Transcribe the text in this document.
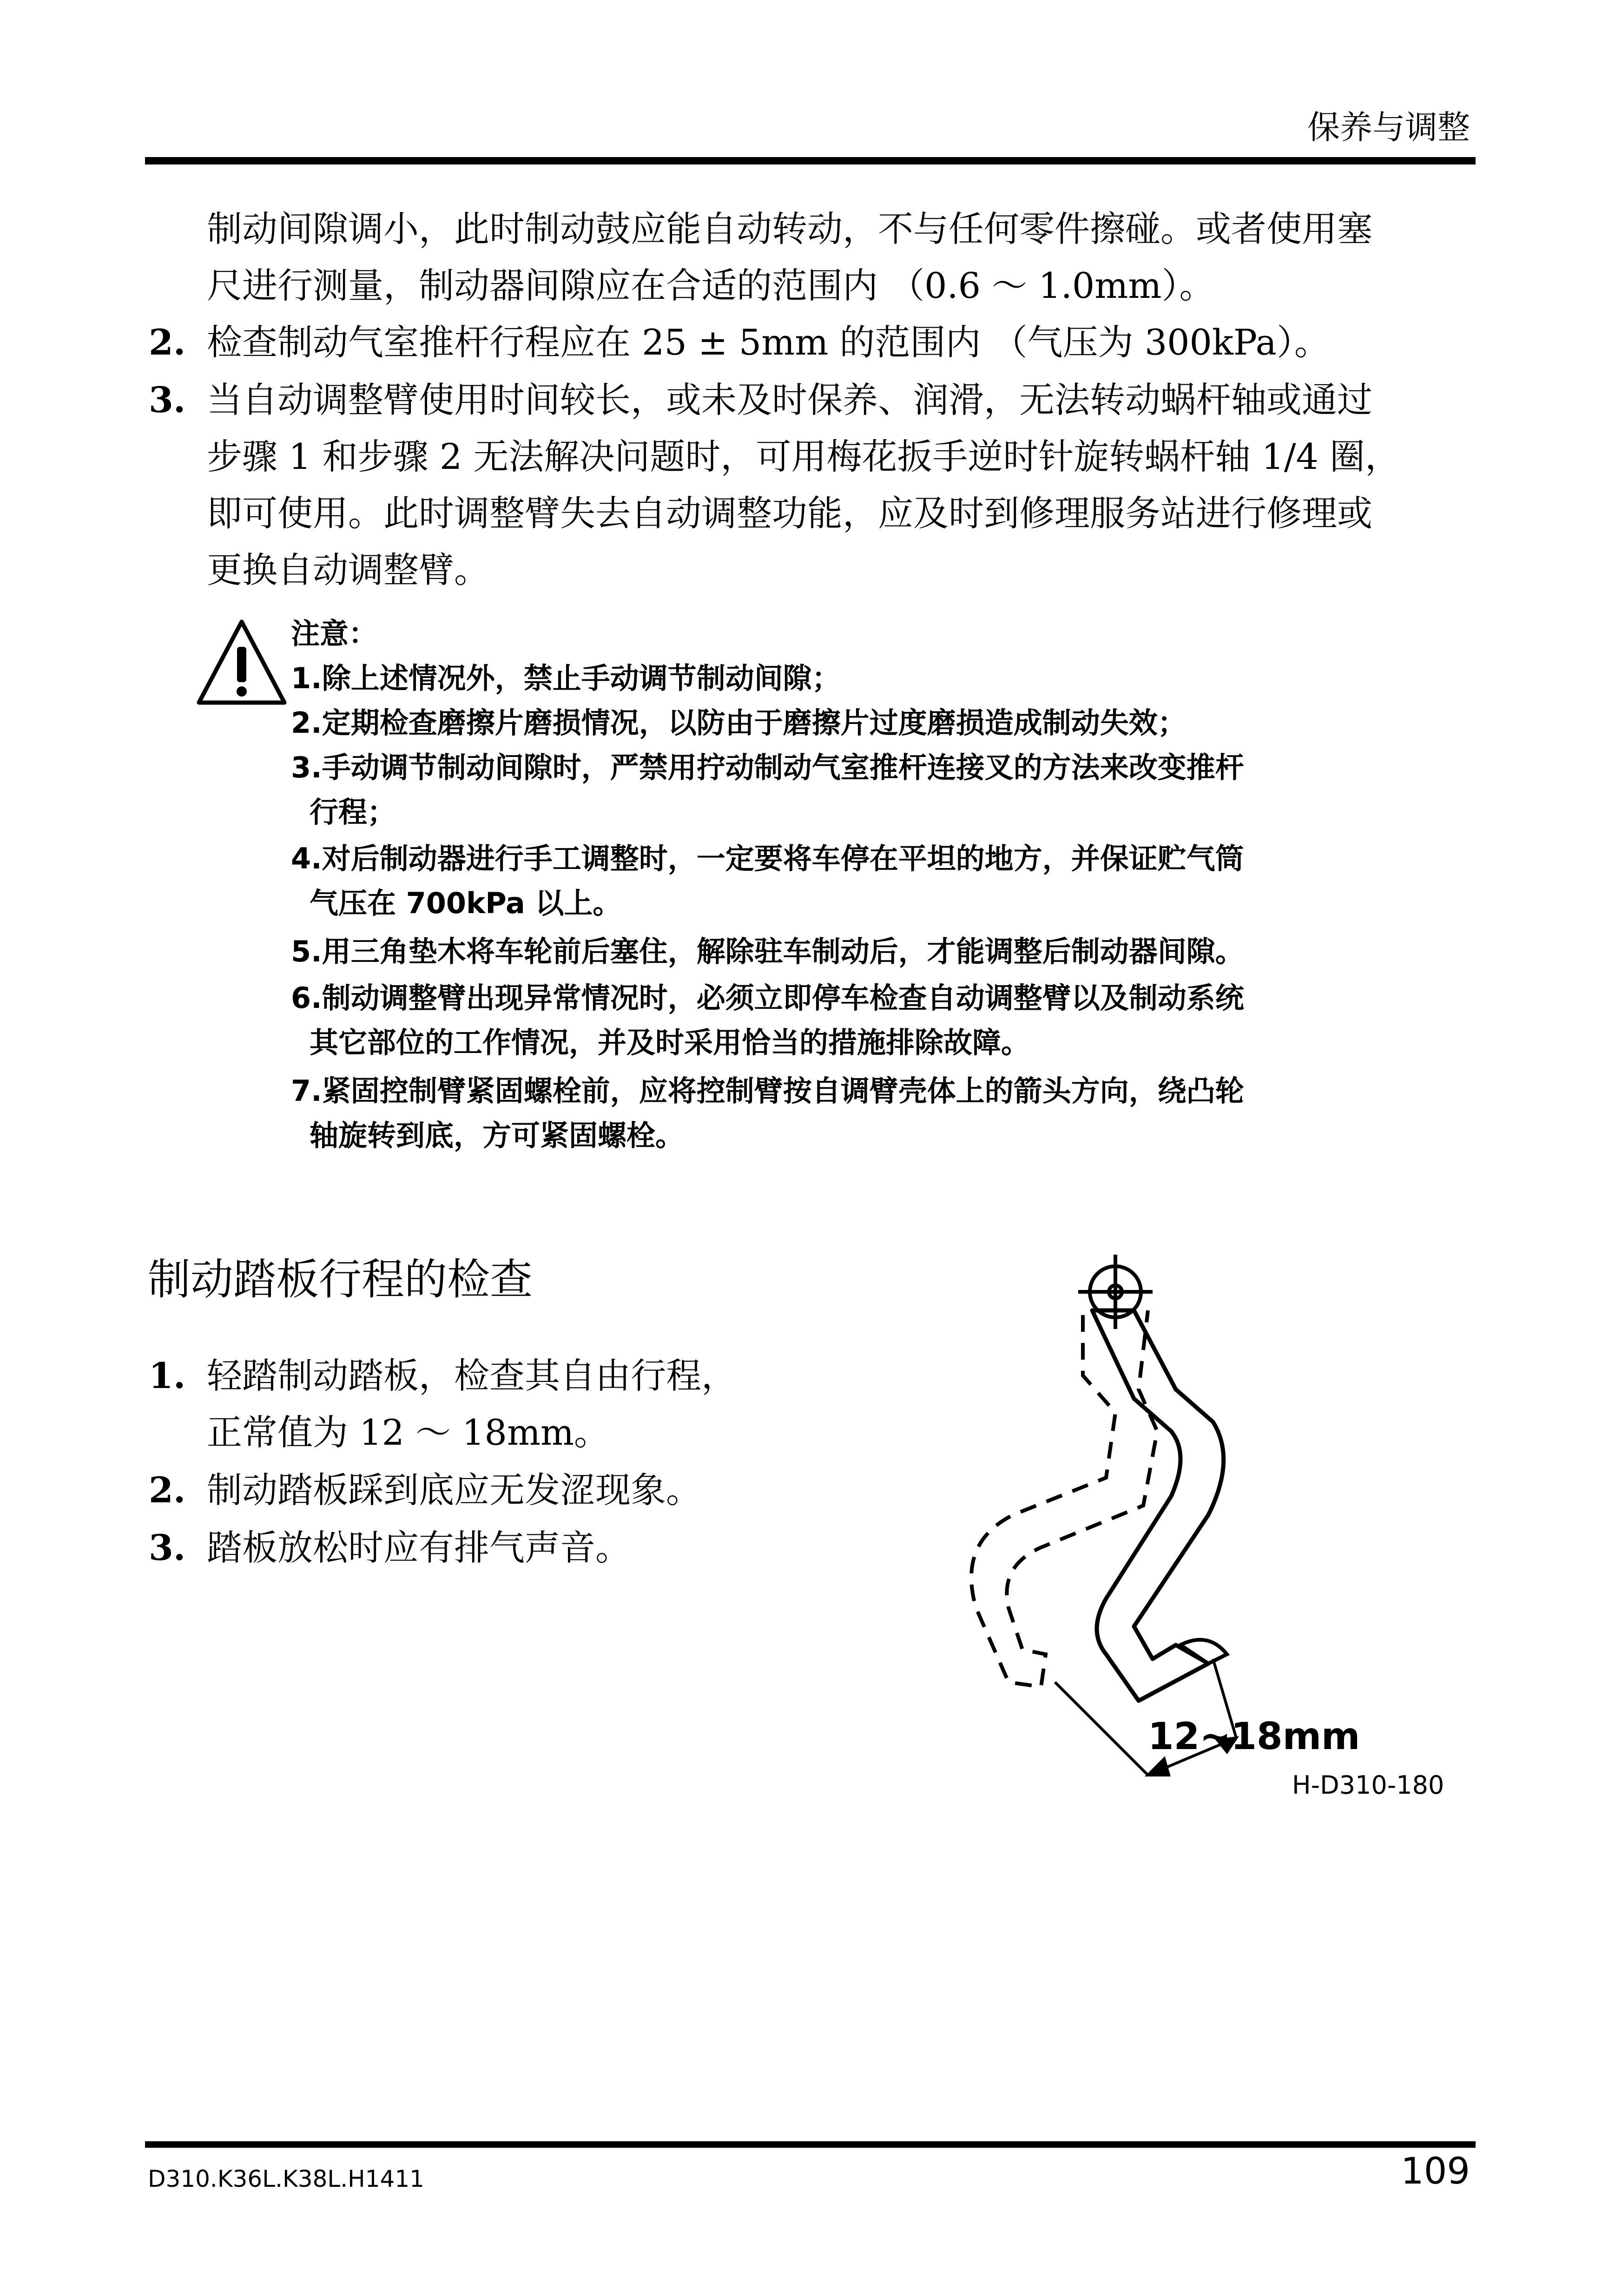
保养与调整
制动间隙调小，此时制动鼓应能自动转动，不与任何零件擦碰。或者使用塞
尺进行测量，制动器间隙应在合适的范围内 （0.6 ～ 1.0mm）。
2. 检查制动气室推杆行程应在 25 ± 5mm 的范围内 （气压为 300kPa）。
3. 当自动调整臂使用时间较长，或未及时保养、润滑，无法转动蜗杆轴或通过
步骤 1 和步骤 2 无法解决问题时，可用梅花扳手逆时针旋转蜗杆轴 1/4 圈，
即可使用。此时调整臂失去自动调整功能，应及时到修理服务站进行修理或
更换自动调整臂。
注意：
1.除上述情况外，禁止手动调节制动间隙；
2.定期检查磨擦片磨损情况，以防由于磨擦片过度磨损造成制动失效；
3.手动调节制动间隙时，严禁用拧动制动气室推杆连接叉的方法来改变推杆
行程；
4.对后制动器进行手工调整时，一定要将车停在平坦的地方，并保证贮气筒
气压在 700kPa 以上。
5.用三角垫木将车轮前后塞住，解除驻车制动后，才能调整后制动器间隙。
6.制动调整臂出现异常情况时，必须立即停车检查自动调整臂以及制动系统
其它部位的工作情况，并及时采用恰当的措施排除故障。
7.紧固控制臂紧固螺栓前，应将控制臂按自调臂壳体上的箭头方向，绕凸轮
轴旋转到底，方可紧固螺栓。
制动踏板行程的检查
1. 轻踏制动踏板，检查其自由行程，
正常值为 12 ～ 18mm。
2. 制动踏板踩到底应无发涩现象。
3. 踏板放松时应有排气声音。
12~18mm
H-D310-180
D310.K36L.K38L.H1411	109
